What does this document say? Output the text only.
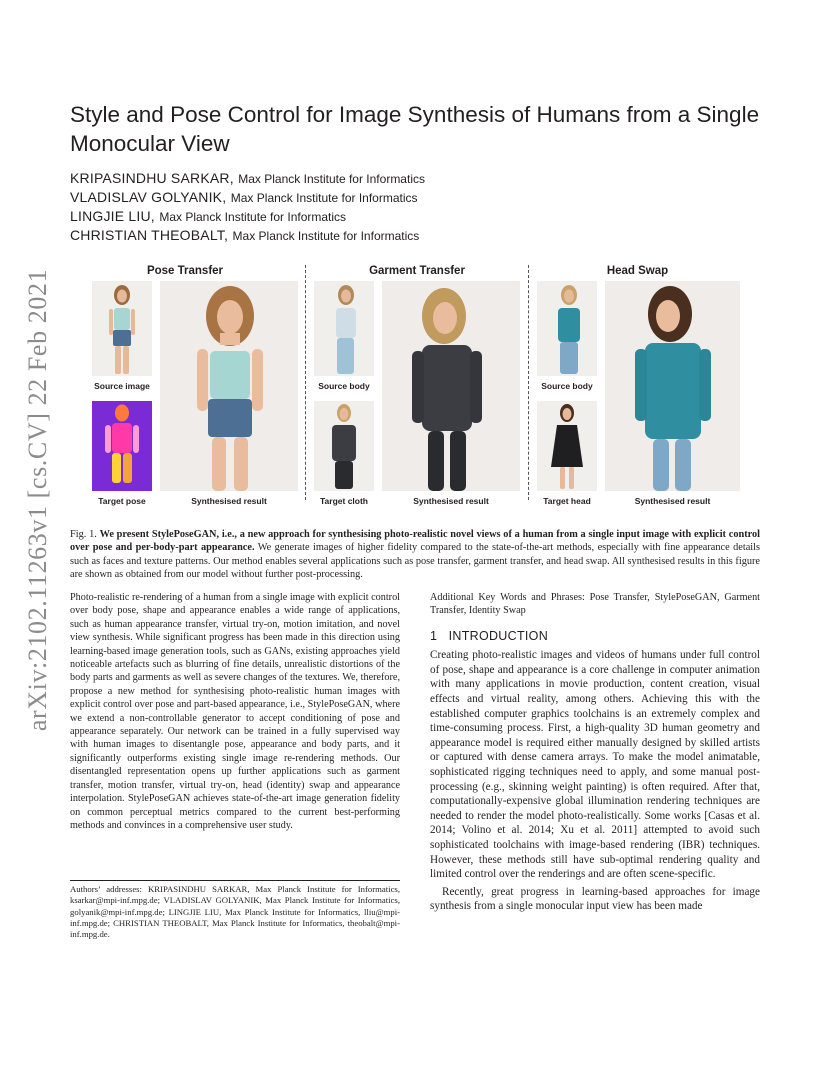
arXiv:2102.11263v1 [cs.CV] 22 Feb 2021
Style and Pose Control for Image Synthesis of Humans from a Single Monocular View
KRIPASINDHU SARKAR, Max Planck Institute for Informatics
VLADISLAV GOLYANIK, Max Planck Institute for Informatics
LINGJIE LIU, Max Planck Institute for Informatics
CHRISTIAN THEOBALT, Max Planck Institute for Informatics
Pose Transfer
Source image
Target pose	Synthesised result
Garment Transfer
Source body
Target cloth	Synthesised result
Head Swap
Source body
Target head	Synthesised result
Fig. 1. We present StylePoseGAN, i.e., a new approach for synthesising photo-realistic novel views of a human from a single input image with explicit control over pose and per-body-part appearance. We generate images of higher fidelity compared to the state-of-the-art methods, especially with fine appearance details such as faces and texture patterns. Our method enables several applications such as pose transfer, garment transfer, and head swap. All synthesised results in this figure are shown as obtained from our model without further post-processing.
Photo-realistic re-rendering of a human from a single image with explicit control over body pose, shape and appearance enables a wide range of applications, such as human appearance transfer, virtual try-on, motion imitation, and novel view synthesis. While significant progress has been made in this direction using learning-based image generation tools, such as GANs, existing approaches yield noticeable artefacts such as blurring of fine details, unrealistic distortions of the body parts and garments as well as severe changes of the textures. We, therefore, propose a new method for synthesising photo-realistic human images with explicit control over pose and part-based appearance, i.e., StylePoseGAN, where we extend a non-controllable generator to accept conditioning of pose and appearance separately. Our network can be trained in a fully supervised way with human images to disentangle pose, appearance and body parts, and it significantly outperforms existing single image re-rendering methods. Our disentangled representation opens up further applications such as garment transfer, motion transfer, virtual try-on, head (identity) swap and appearance interpolation. StylePoseGAN achieves state-of-the-art image generation fidelity on common perceptual metrics compared to the current best-performing methods and convinces in a comprehensive user study.
Authors’ addresses: KRIPASINDHU SARKAR, Max Planck Institute for Informatics, ksarkar@mpi-inf.mpg.de; VLADISLAV GOLYANIK, Max Planck Institute for Informatics, golyanik@mpi-inf.mpg.de; LINGJIE LIU, Max Planck Institute for Informatics, lliu@mpi-inf.mpg.de; CHRISTIAN THEOBALT, Max Planck Institute for Informatics, theobalt@mpi-inf.mpg.de.
Additional Key Words and Phrases: Pose Transfer, StylePoseGAN, Garment Transfer, Identity Swap
1 INTRODUCTION

Creating photo-realistic images and videos of humans under full control of pose, shape and appearance is a core challenge in computer animation with many applications in movie production, content creation, visual effects and virtual reality, among others. Achieving this with the established computer graphics toolchains is an extremely complex and time-consuming process. First, a high-quality 3D human geometry and appearance model is required either manually designed by skilled artists or captured with dense camera arrays. To make the model animatable, sophisticated rigging techniques need to apply, and some manual post-processing (e.g., skinning weight painting) is often required. After that, computationally-expensive global illumination rendering techniques are needed to render the model photo-realistically. Some works [Casas et al. 2014; Volino et al. 2014; Xu et al. 2011] attempted to avoid such sophisticated toolchains with image-based rendering (IBR) techniques. However, these methods still have sub-optimal rendering quality and limited control over the renderings and are often scene-specific.

Recently, great progress in learning-based approaches for image synthesis from a single monocular input view has been made
